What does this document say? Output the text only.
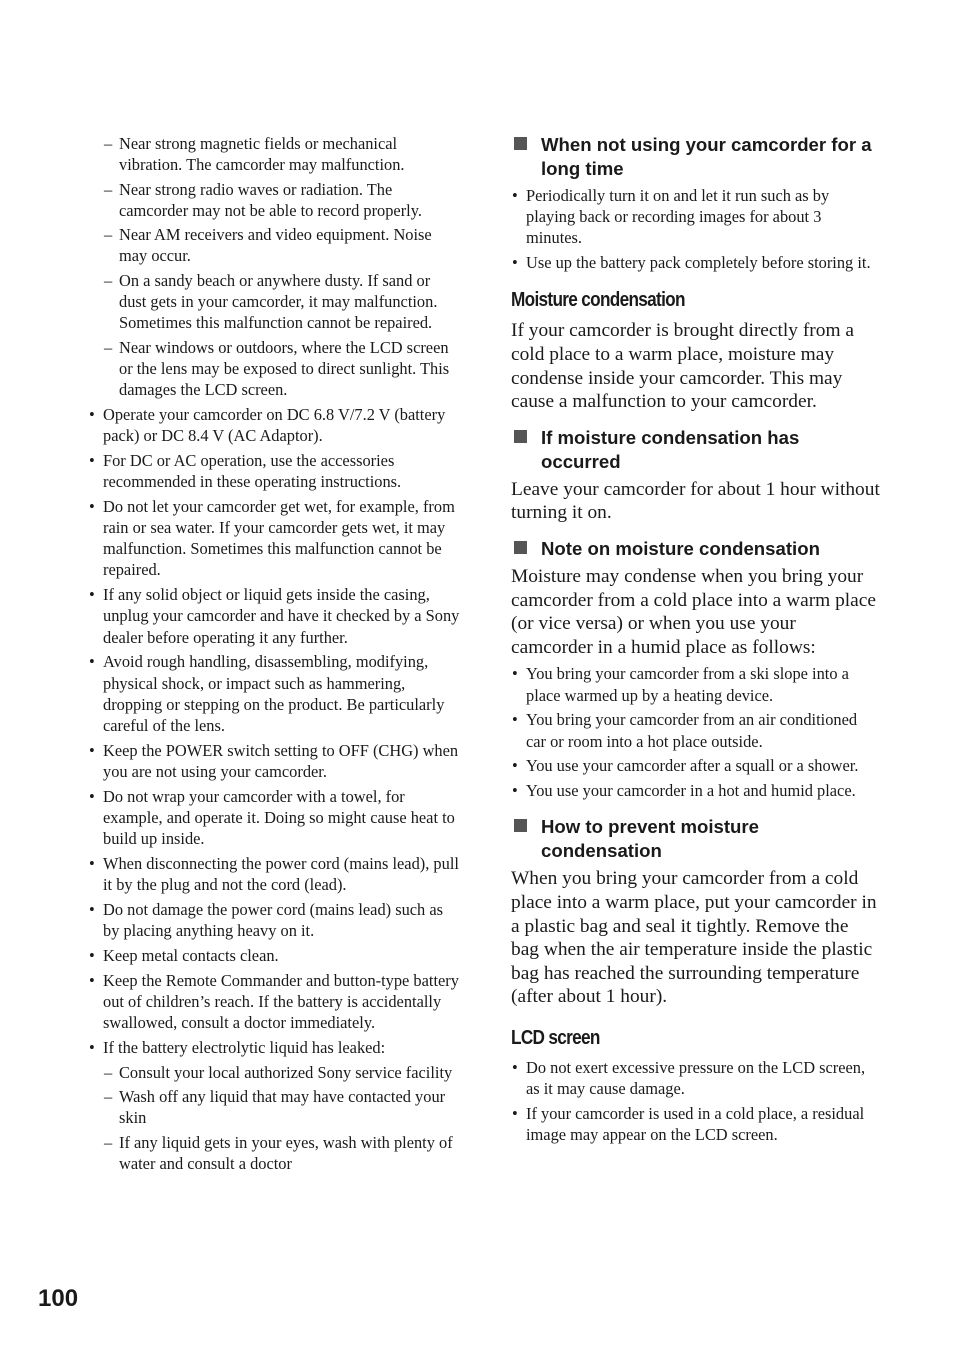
– Near strong magnetic fields or mechanical vibration. The camcorder may malfunction.
– Near strong radio waves or radiation. The camcorder may not be able to record properly.
– Near AM receivers and video equipment. Noise may occur.
– On a sandy beach or anywhere dusty. If sand or dust gets in your camcorder, it may malfunction. Sometimes this malfunction cannot be repaired.
– Near windows or outdoors, where the LCD screen or the lens may be exposed to direct sunlight. This damages the LCD screen.
• Operate your camcorder on DC 6.8 V/7.2 V (battery pack) or DC 8.4 V (AC Adaptor).
• For DC or AC operation, use the accessories recommended in these operating instructions.
• Do not let your camcorder get wet, for example, from rain or sea water. If your camcorder gets wet, it may malfunction. Sometimes this malfunction cannot be repaired.
• If any solid object or liquid gets inside the casing, unplug your camcorder and have it checked by a Sony dealer before operating it any further.
• Avoid rough handling, disassembling, modifying, physical shock, or impact such as hammering, dropping or stepping on the product. Be particularly careful of the lens.
• Keep the POWER switch setting to OFF (CHG) when you are not using your camcorder.
• Do not wrap your camcorder with a towel, for example, and operate it. Doing so might cause heat to build up inside.
• When disconnecting the power cord (mains lead), pull it by the plug and not the cord (lead).
• Do not damage the power cord (mains lead) such as by placing anything heavy on it.
• Keep metal contacts clean.
• Keep the Remote Commander and button-type battery out of children’s reach. If the battery is accidentally swallowed, consult a doctor immediately.
• If the battery electrolytic liquid has leaked:
– Consult your local authorized Sony service facility
– Wash off any liquid that may have contacted your skin
– If any liquid gets in your eyes, wash with plenty of water and consult a doctor
When not using your camcorder for a long time
• Periodically turn it on and let it run such as by playing back or recording images for about 3 minutes.
• Use up the battery pack completely before storing it.
Moisture condensation

If your camcorder is brought directly from a cold place to a warm place, moisture may condense inside your camcorder. This may cause a malfunction to your camcorder.

If moisture condensation has occurred

Leave your camcorder for about 1 hour without turning it on.

Note on moisture condensation

Moisture may condense when you bring your camcorder from a cold place into a warm place (or vice versa) or when you use your camcorder in a humid place as follows:

• You bring your camcorder from a ski slope into a place warmed up by a heating device.
• You bring your camcorder from an air conditioned car or room into a hot place outside.
• You use your camcorder after a squall or a shower.
• You use your camcorder in a hot and humid place.
How to prevent moisture condensation

When you bring your camcorder from a cold place into a warm place, put your camcorder in a plastic bag and seal it tightly. Remove the bag when the air temperature inside the plastic bag has reached the surrounding temperature (after about 1 hour).

LCD screen
• Do not exert excessive pressure on the LCD screen, as it may cause damage.
• If your camcorder is used in a cold place, a residual image may appear on the LCD screen.
100
